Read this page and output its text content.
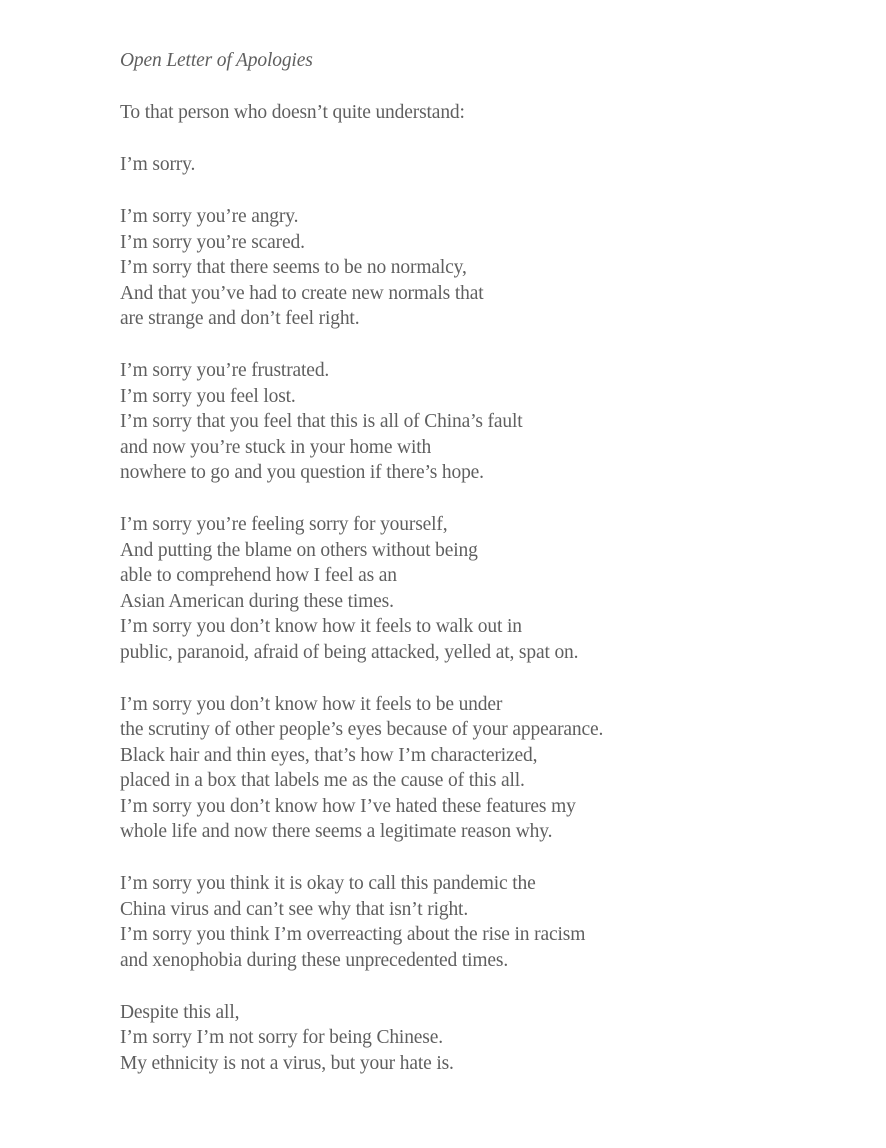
Open Letter of Apologies
To that person who doesn’t quite understand:
I’m sorry.
I’m sorry you’re angry.
I’m sorry you’re scared.
I’m sorry that there seems to be no normalcy,
And that you’ve had to create new normals that
are strange and don’t feel right.
I’m sorry you’re frustrated.
I’m sorry you feel lost.
I’m sorry that you feel that this is all of China’s fault
and now you’re stuck in your home with
nowhere to go and you question if there’s hope.
I’m sorry you’re feeling sorry for yourself,
And putting the blame on others without being
able to comprehend how I feel as an
Asian American during these times.
I’m sorry you don’t know how it feels to walk out in
public, paranoid, afraid of being attacked, yelled at, spat on.
I’m sorry you don’t know how it feels to be under
the scrutiny of other people’s eyes because of your appearance.
Black hair and thin eyes, that’s how I’m characterized,
placed in a box that labels me as the cause of this all.
I’m sorry you don’t know how I’ve hated these features my
whole life and now there seems a legitimate reason why.
I’m sorry you think it is okay to call this pandemic the
China virus and can’t see why that isn’t right.
I’m sorry you think I’m overreacting about the rise in racism
and xenophobia during these unprecedented times.
Despite this all,
I’m sorry I’m not sorry for being Chinese.
My ethnicity is not a virus, but your hate is.
